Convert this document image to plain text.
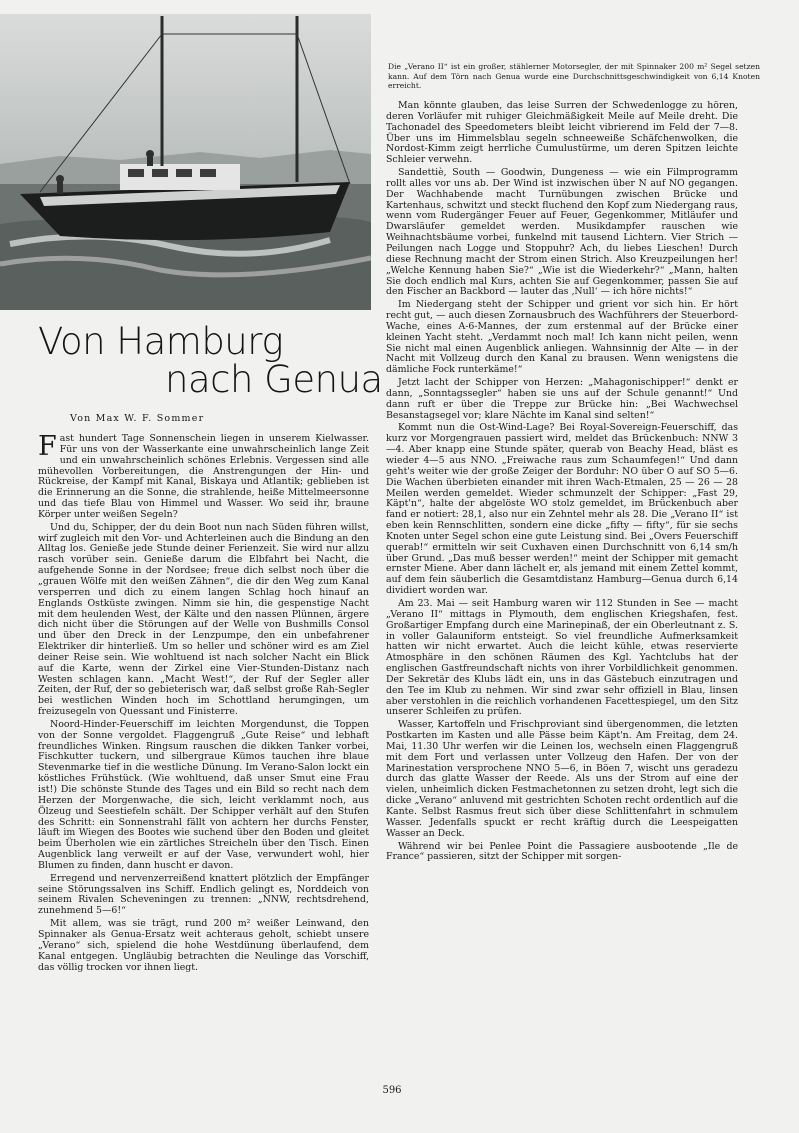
Die „Verano II“ ist ein großer, stählerner Motorsegler, der mit Spinnaker 200 m² Segel setzen kann. Auf dem Törn nach Genua wurde eine Durchschnittsgeschwindigkeit von 6,14 Knoten erreicht.
Von Hamburg
nach Genua
Von Max W. F. Sommer

Fast hundert Tage Sonnenschein liegen in unserem Kielwasser. Für uns von der Wasserkante eine unwahrscheinlich lange Zeit und ein unwahrscheinlich schönes Erlebnis. Vergessen sind alle mühevollen Vorbereitungen, die Anstrengungen der Hin- und Rückreise, der Kampf mit Kanal, Biskaya und Atlantik; geblieben ist die Erinnerung an die Sonne, die strahlende, heiße Mittelmeersonne und das tiefe Blau von Himmel und Wasser. Wo seid ihr, braune Körper unter weißen Segeln?

Und du, Schipper, der du dein Boot nun nach Süden führen willst, wirf zugleich mit den Vor- und Achterleinen auch die Bindung an den Alltag los. Genieße jede Stunde deiner Ferienzeit. Sie wird nur allzu rasch vorüber sein. Genieße darum die Elbfahrt bei Nacht, die aufgehende Sonne in der Nordsee; freue dich selbst noch über die „grauen Wölfe mit den weißen Zähnen“, die dir den Weg zum Kanal versperren und dich zu einem langen Schlag hoch hinauf an Englands Ostküste zwingen. Nimm sie hin, die gespenstige Nacht mit dem heulenden West, der Kälte und den nassen Plünnen, ärgere dich nicht über die Störungen auf der Welle von Bushmills Consol und über den Dreck in der Lenzpumpe, den ein unbefahrener Elektriker dir hinterließ. Um so heller und schöner wird es am Ziel deiner Reise sein. Wie wohltuend ist nach solcher Nacht ein Blick auf die Karte, wenn der Zirkel eine Vier-Stunden-Distanz nach Westen schlagen kann. „Macht West!“, der Ruf der Segler aller Zeiten, der Ruf, der so gebieterisch war, daß selbst große Rah-Segler bei westlichen Winden hoch im Schottland herumgingen, um freizusegeln von Quessant und Finisterre.

Noord-Hinder-Feuerschiff im leichten Morgendunst, die Toppen von der Sonne vergoldet. Flaggengruß „Gute Reise“ und lebhaft freundliches Winken. Ringsum rauschen die dikken Tanker vorbei, Fischkutter tuckern, und silbergraue Kümos tauchen ihre blaue Stevenmarke tief in die westliche Dünung. Im Verano-Salon lockt ein köstliches Frühstück. (Wie wohltuend, daß unser Smut eine Frau ist!) Die schönste Stunde des Tages und ein Bild so recht nach dem Herzen der Morgenwache, die sich, leicht verklammt noch, aus Ölzeug und Seestiefeln schält. Der Schipper verhält auf den Stufen des Schritt: ein Sonnenstrahl fällt von achtern her durchs Fenster, läuft im Wiegen des Bootes wie suchend über den Boden und gleitet beim Überholen wie ein zärtliches Streicheln über den Tisch. Einen Augenblick lang verweilt er auf der Vase, verwundert wohl, hier Blumen zu finden, dann huscht er davon.

Erregend und nervenzerreißend knattert plötzlich der Empfänger seine Störungssalven ins Schiff. Endlich gelingt es, Norddeich von seinem Rivalen Scheveningen zu trennen: „NNW, rechtsdrehend, zunehmend 5—6!“

Mit allem, was sie trägt, rund 200 m² weißer Leinwand, den Spinnaker als Genua-Ersatz weit achteraus geholt, schiebt unsere „Verano“ sich, spielend die hohe Westdünung überlaufend, dem Kanal entgegen. Ungläubig betrachten die Neulinge das Vorschiff, das völlig trocken vor ihnen liegt.

Man könnte glauben, das leise Surren der Schwedenlogge zu hören, deren Vorläufer mit ruhiger Gleichmäßigkeit Meile auf Meile dreht. Die Tachonadel des Speedometers bleibt leicht vibrierend im Feld der 7—8. Über uns im Himmelsblau segeln schneeweiße Schäfchenwolken, die Nordost-Kimm zeigt herrliche Cumulustürme, um deren Spitzen leichte Schleier verwehn.

Sandettiè, South — Goodwin, Dungeness — wie ein Filmprogramm rollt alles vor uns ab. Der Wind ist inzwischen über N auf NO gegangen. Der Wachhabende macht Turnübungen zwischen Brücke und Kartenhaus, schwitzt und steckt fluchend den Kopf zum Niedergang raus, wenn vom Rudergänger Feuer auf Feuer, Gegenkommer, Mitläufer und Dwarsläufer gemeldet werden. Musikdampfer rauschen wie Weihnachtsbäume vorbei, funkelnd mit tausend Lichtern. Vier Strich — Peilungen nach Logge und Stoppuhr? Ach, du liebes Lieschen! Durch diese Rechnung macht der Strom einen Strich. Also Kreuzpeilungen her! „Welche Kennung haben Sie?“ „Wie ist die Wiederkehr?“ „Mann, halten Sie doch endlich mal Kurs, achten Sie auf Gegenkommer, passen Sie auf den Fischer an Backbord — lauter das ‚Null‘ — ich höre nichts!“

Im Niedergang steht der Schipper und grient vor sich hin. Er hört recht gut, — auch diesen Zornausbruch des Wachführers der Steuerbord-Wache, eines A-6-Mannes, der zum erstenmal auf der Brücke einer kleinen Yacht steht. „Verdammt noch mal! Ich kann nicht peilen, wenn Sie nicht mal einen Augenblick anliegen. Wahnsinnig der Alte — in der Nacht mit Vollzeug durch den Kanal zu brausen. Wenn wenigstens die dämliche Fock runterkäme!“

Jetzt lacht der Schipper von Herzen: „Mahagonischipper!“ denkt er dann, „Sonntagssegler“ haben sie uns auf der Schule genannt!“ Und dann ruft er über die Treppe zur Brücke hin: „Bei Wachwechsel Besanstagsegel vor; klare Nächte im Kanal sind selten!“

Kommt nun die Ost-Wind-Lage? Bei Royal-Sovereign-Feuerschiff, das kurz vor Morgengrauen passiert wird, meldet das Brückenbuch: NNW 3—4. Aber knapp eine Stunde später, querab von Beachy Head, bläst es wieder 4—5 aus NNO. „Freiwache raus zum Schaumfegen!“ Und dann geht's weiter wie der große Zeiger der Borduhr: NO über O auf SO 5—6. Die Wachen überbieten einander mit ihren Wach-Etmalen, 25 — 26 — 28 Meilen werden gemeldet. Wieder schmunzelt der Schipper: „Fast 29, Käpt'n“, halte der abgelöste WO stolz gemeldet, im Brückenbuch aber fand er notiert: 28,1, also nur ein Zehntel mehr als 28. Die „Verano II“ ist eben kein Rennschlitten, sondern eine dicke „fifty — fifty“, für sie sechs Knoten unter Segel schon eine gute Leistung sind. Bei „Overs Feuerschiff querab!“ ermitteln wir seit Cuxhaven einen Durchschnitt von 6,14 sm/h über Grund. „Das muß besser werden!“ meint der Schipper mit gemacht ernster Miene. Aber dann lächelt er, als jemand mit einem Zettel kommt, auf dem fein säuberlich die Gesamtdistanz Hamburg—Genua durch 6,14 dividiert worden war.

Am 23. Mai — seit Hamburg waren wir 112 Stunden in See — macht „Verano II“ mittags in Plymouth, dem englischen Kriegshafen, fest. Großartiger Empfang durch eine Marinepinaß, der ein Oberleutnant z. S. in voller Galauniform entsteigt. So viel freundliche Aufmerksamkeit hatten wir nicht erwartet. Auch die leicht kühle, etwas reservierte Atmosphäre in den schönen Räumen des Kgl. Yachtclubs hat der englischen Gastfreundschaft nichts von ihrer Vorbildlichkeit genommen. Der Sekretär des Klubs lädt ein, uns in das Gästebuch einzutragen und den Tee im Klub zu nehmen. Wir sind zwar sehr offiziell in Blau, linsen aber verstohlen in die reichlich vorhandenen Facettespiegel, um den Sitz unserer Schleifen zu prüfen.

Wasser, Kartoffeln und Frischproviant sind übergenommen, die letzten Postkarten im Kasten und alle Pässe beim Käpt'n. Am Freitag, dem 24. Mai, 11.30 Uhr werfen wir die Leinen los, wechseln einen Flaggengruß mit dem Fort und verlassen unter Vollzeug den Hafen. Der von der Marinestation versprochene NNO 5—6, in Böen 7, wischt uns geradezu durch das glatte Wasser der Reede. Als uns der Strom auf eine der vielen, unheimlich dicken Festmachetonnen zu setzen droht, legt sich die dicke „Verano“ anluvend mit gestrichten Schoten recht ordentlich auf die Kante. Selbst Rasmus freut sich über diese Schlittenfahrt in schmulem Wasser. Jedenfalls spuckt er recht kräftig durch die Leespeigatten Wasser an Deck.

Während wir bei Penlee Point die Passagiere ausbootende „Ile de France“ passieren, sitzt der Schipper mit sorgen-

596
